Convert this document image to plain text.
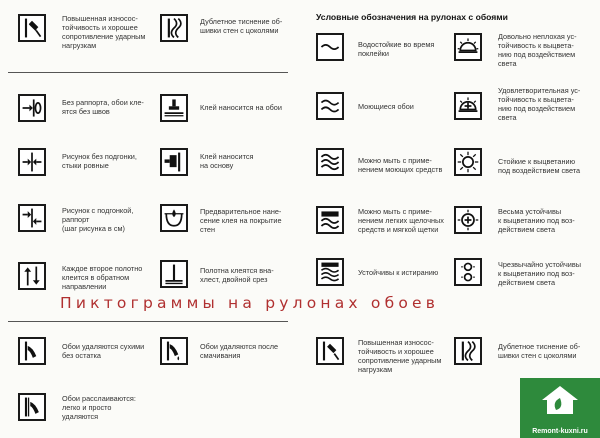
Условные обозначения на рулонах с обоями
Повышенная износос-
тойчивость и хорошее
сопротивление ударным
нагрузкам
Дублетное тиснение об-
шивки стен с цоколями
Без раппорта, обои кле-
ятся без швов	Клей наносится на обои
Рисунок без подгонки,
стыки ровные
Клей наносится
на основу
Рисунок с подгонкой,
раппорт
(шаг рисунка в см)
Предварительное нане-
сение клея на покрытие
стен
Каждое второе полотно
клеится в обратном
направлении
Полотна клеятся вна-
хлест, двойной срез
Водостойкие во время
поклейки
Моющиеся обои
Можно мыть с приме-
нением моющих средств
Можно мыть с приме-
нением легких щелочных
средств и мягкой щетки
Устойчивы к истиранию
Довольно неплохая ус-
тойчивость к выцвета-
нию под воздействием
света
Удовлетворительная ус-
тойчивость к выцвета-
нию под воздействием
света
Стойкие к выцветанию
под воздействием света
Весьма устойчивы
к выцветанию под воз-
действием света
Чрезвычайно устойчивы
к выцветанию под воз-
действием света
Пиктограммы на рулонах обоев
Обои удаляются сухими
без остатка
Обои удаляются после
смачивания
Обои расслаиваются:
легко и просто
удаляются
Повышенная износос-
тойчивость и хорошее
сопротивление ударным
нагрузкам
Дублетное тиснение об-
шивки стен с цоколями
Remont-kuxni.ru
